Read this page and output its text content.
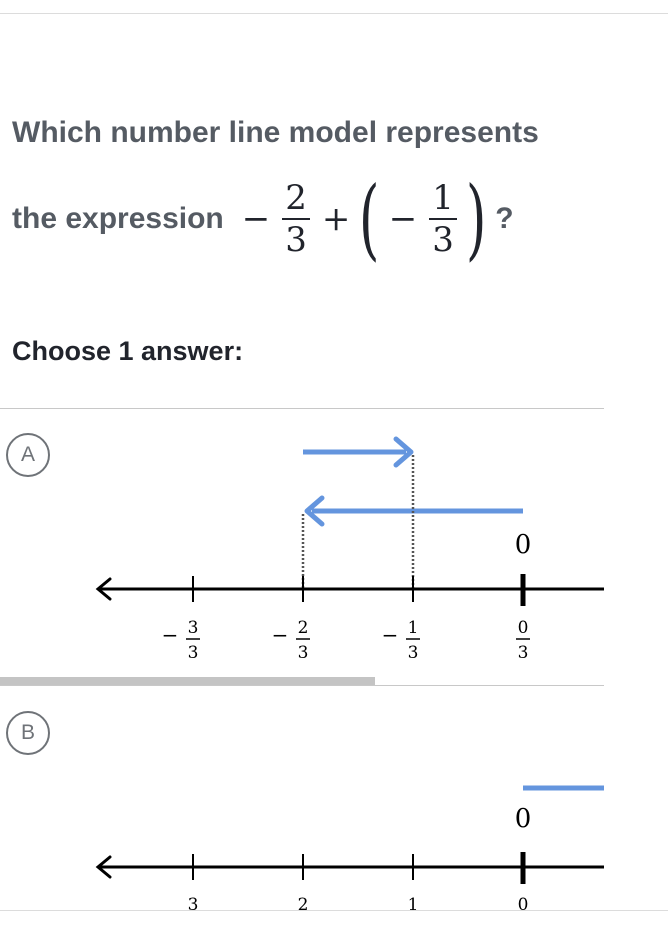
Which number line model represents
the expression − $\frac{2}{3}$ + ( − $\frac{1}{3}$ ) ?
Choose 1 answer:
A
0
− 3
3
− 2
3
− 1
3
0
3
B
0
3	2	1	0
